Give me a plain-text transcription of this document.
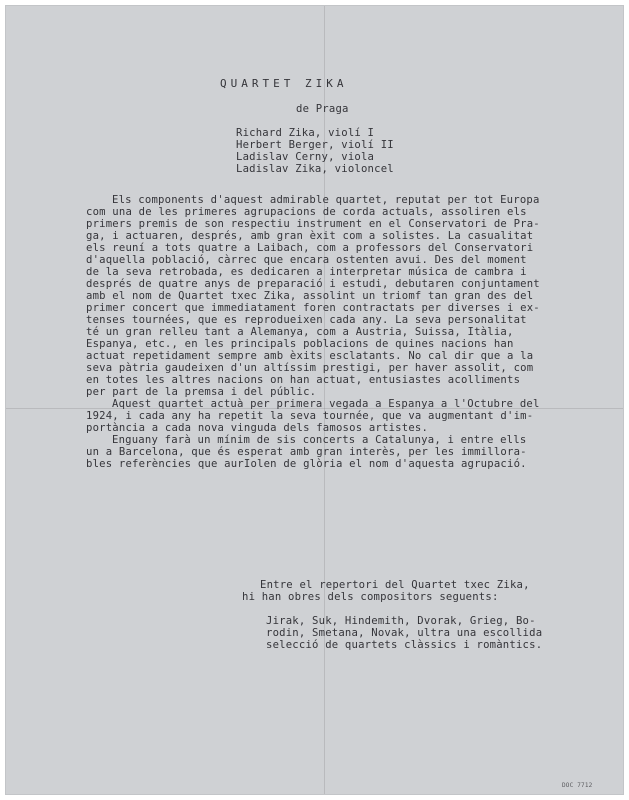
QUARTET ZIKA
de Praga
Richard Zika, violí I
Herbert Berger, violí II
Ladislav Cerny, viola
Ladislav Zika, violoncel
Els components d'aquest admirable quartet, reputat per tot Europa
com una de les primeres agrupacions de corda actuals, assoliren els
primers premis de son respectiu instrument en el Conservatori de Pra-
ga, i actuaren, després, amb gran èxit com a solistes. La casualitat
els reuní a tots quatre a Laibach, com a professors del Conservatori
d'aquella població, càrrec que encara ostenten avui. Des del moment
de la seva retrobada, es dedicaren a interpretar música de cambra i
després de quatre anys de preparació i estudi, debutaren conjuntament
amb el nom de Quartet txec Zika, assolint un triomf tan gran des del
primer concert que immediatament foren contractats per diverses i ex-
tenses tournées, que es reprodueixen cada any. La seva personalitat
té un gran relleu tant a Alemanya, com a Austria, Suissa, Itàlia,
Espanya, etc., en les principals poblacions de quines nacions han
actuat repetidament sempre amb èxits esclatants. No cal dir que a la
seva pàtria gaudeixen d'un altíssim prestigi, per haver assolit, com
en totes les altres nacions on han actuat, entusiastes acolliments
per part de la premsa i del públic.
Aquest quartet actuà per primera vegada a Espanya a l'Octubre del
1924, i cada any ha repetit la seva tournée, que va augmentant d'im-
portància a cada nova vinguda dels famosos artistes.
Enguany farà un mínim de sis concerts a Catalunya, i entre ells
un a Barcelona, que és esperat amb gran interès, per les immillora-
bles referències que aurIolen de glòria el nom d'aquesta agrupació.
Entre el repertori del Quartet txec Zika,
hi han obres dels compositors seguents:
Jirak, Suk, Hindemith, Dvorak, Grieg, Bo-
rodin, Smetana, Novak, ultra una escollida
selecció de quartets clàssics i romàntics.
DOC 7712
